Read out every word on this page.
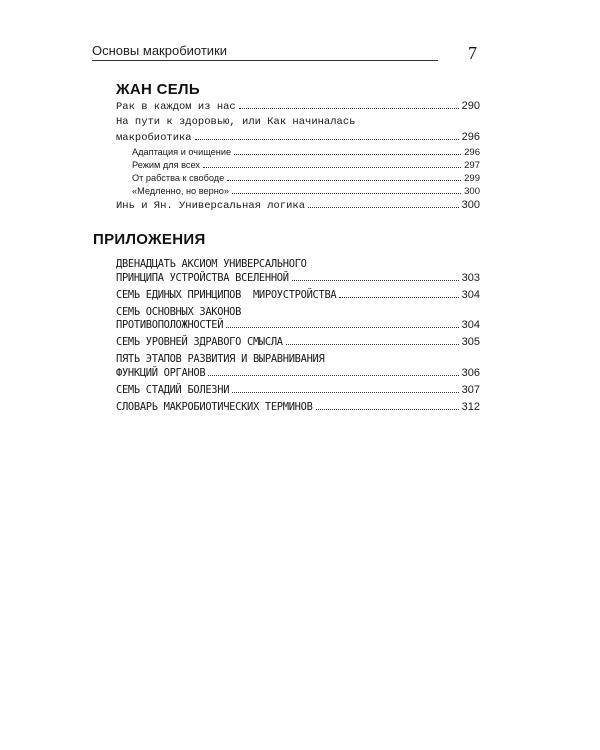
Основы макробиотики	7
ЖАН СЕЛЬ
Рак в каждом из нас	290
На пути к здоровью, или Как начиналась
макробиотика	296
Адаптация и очищение	296
Режим для всех	297
От рабства к свободе	299
«Медленно, но верно»	300
Инь и Ян. Универсальная логика	300
ПРИЛОЖЕНИЯ
ДВЕНАДЦАТЬ АКСИОМ УНИВЕРСАЛЬНОГО
ПРИНЦИПА УСТРОЙСТВА ВСЕЛЕННОЙ	303
СЕМЬ ЕДИНЫХ ПРИНЦИПОВ  МИРОУСТРОЙСТВА	304
СЕМЬ ОСНОВНЫХ ЗАКОНОВ
ПРОТИВОПОЛОЖНОСТЕЙ	304
СЕМЬ УРОВНЕЙ ЗДРАВОГО СМЫСЛА	305
ПЯТЬ ЭТАПОВ РАЗВИТИЯ И ВЫРАВНИВАНИЯ
ФУНКЦИЙ ОРГАНОВ	306
СЕМЬ СТАДИЙ БОЛЕЗНИ	307
СЛОВАРЬ МАКРОБИОТИЧЕСКИХ ТЕРМИНОВ	312
